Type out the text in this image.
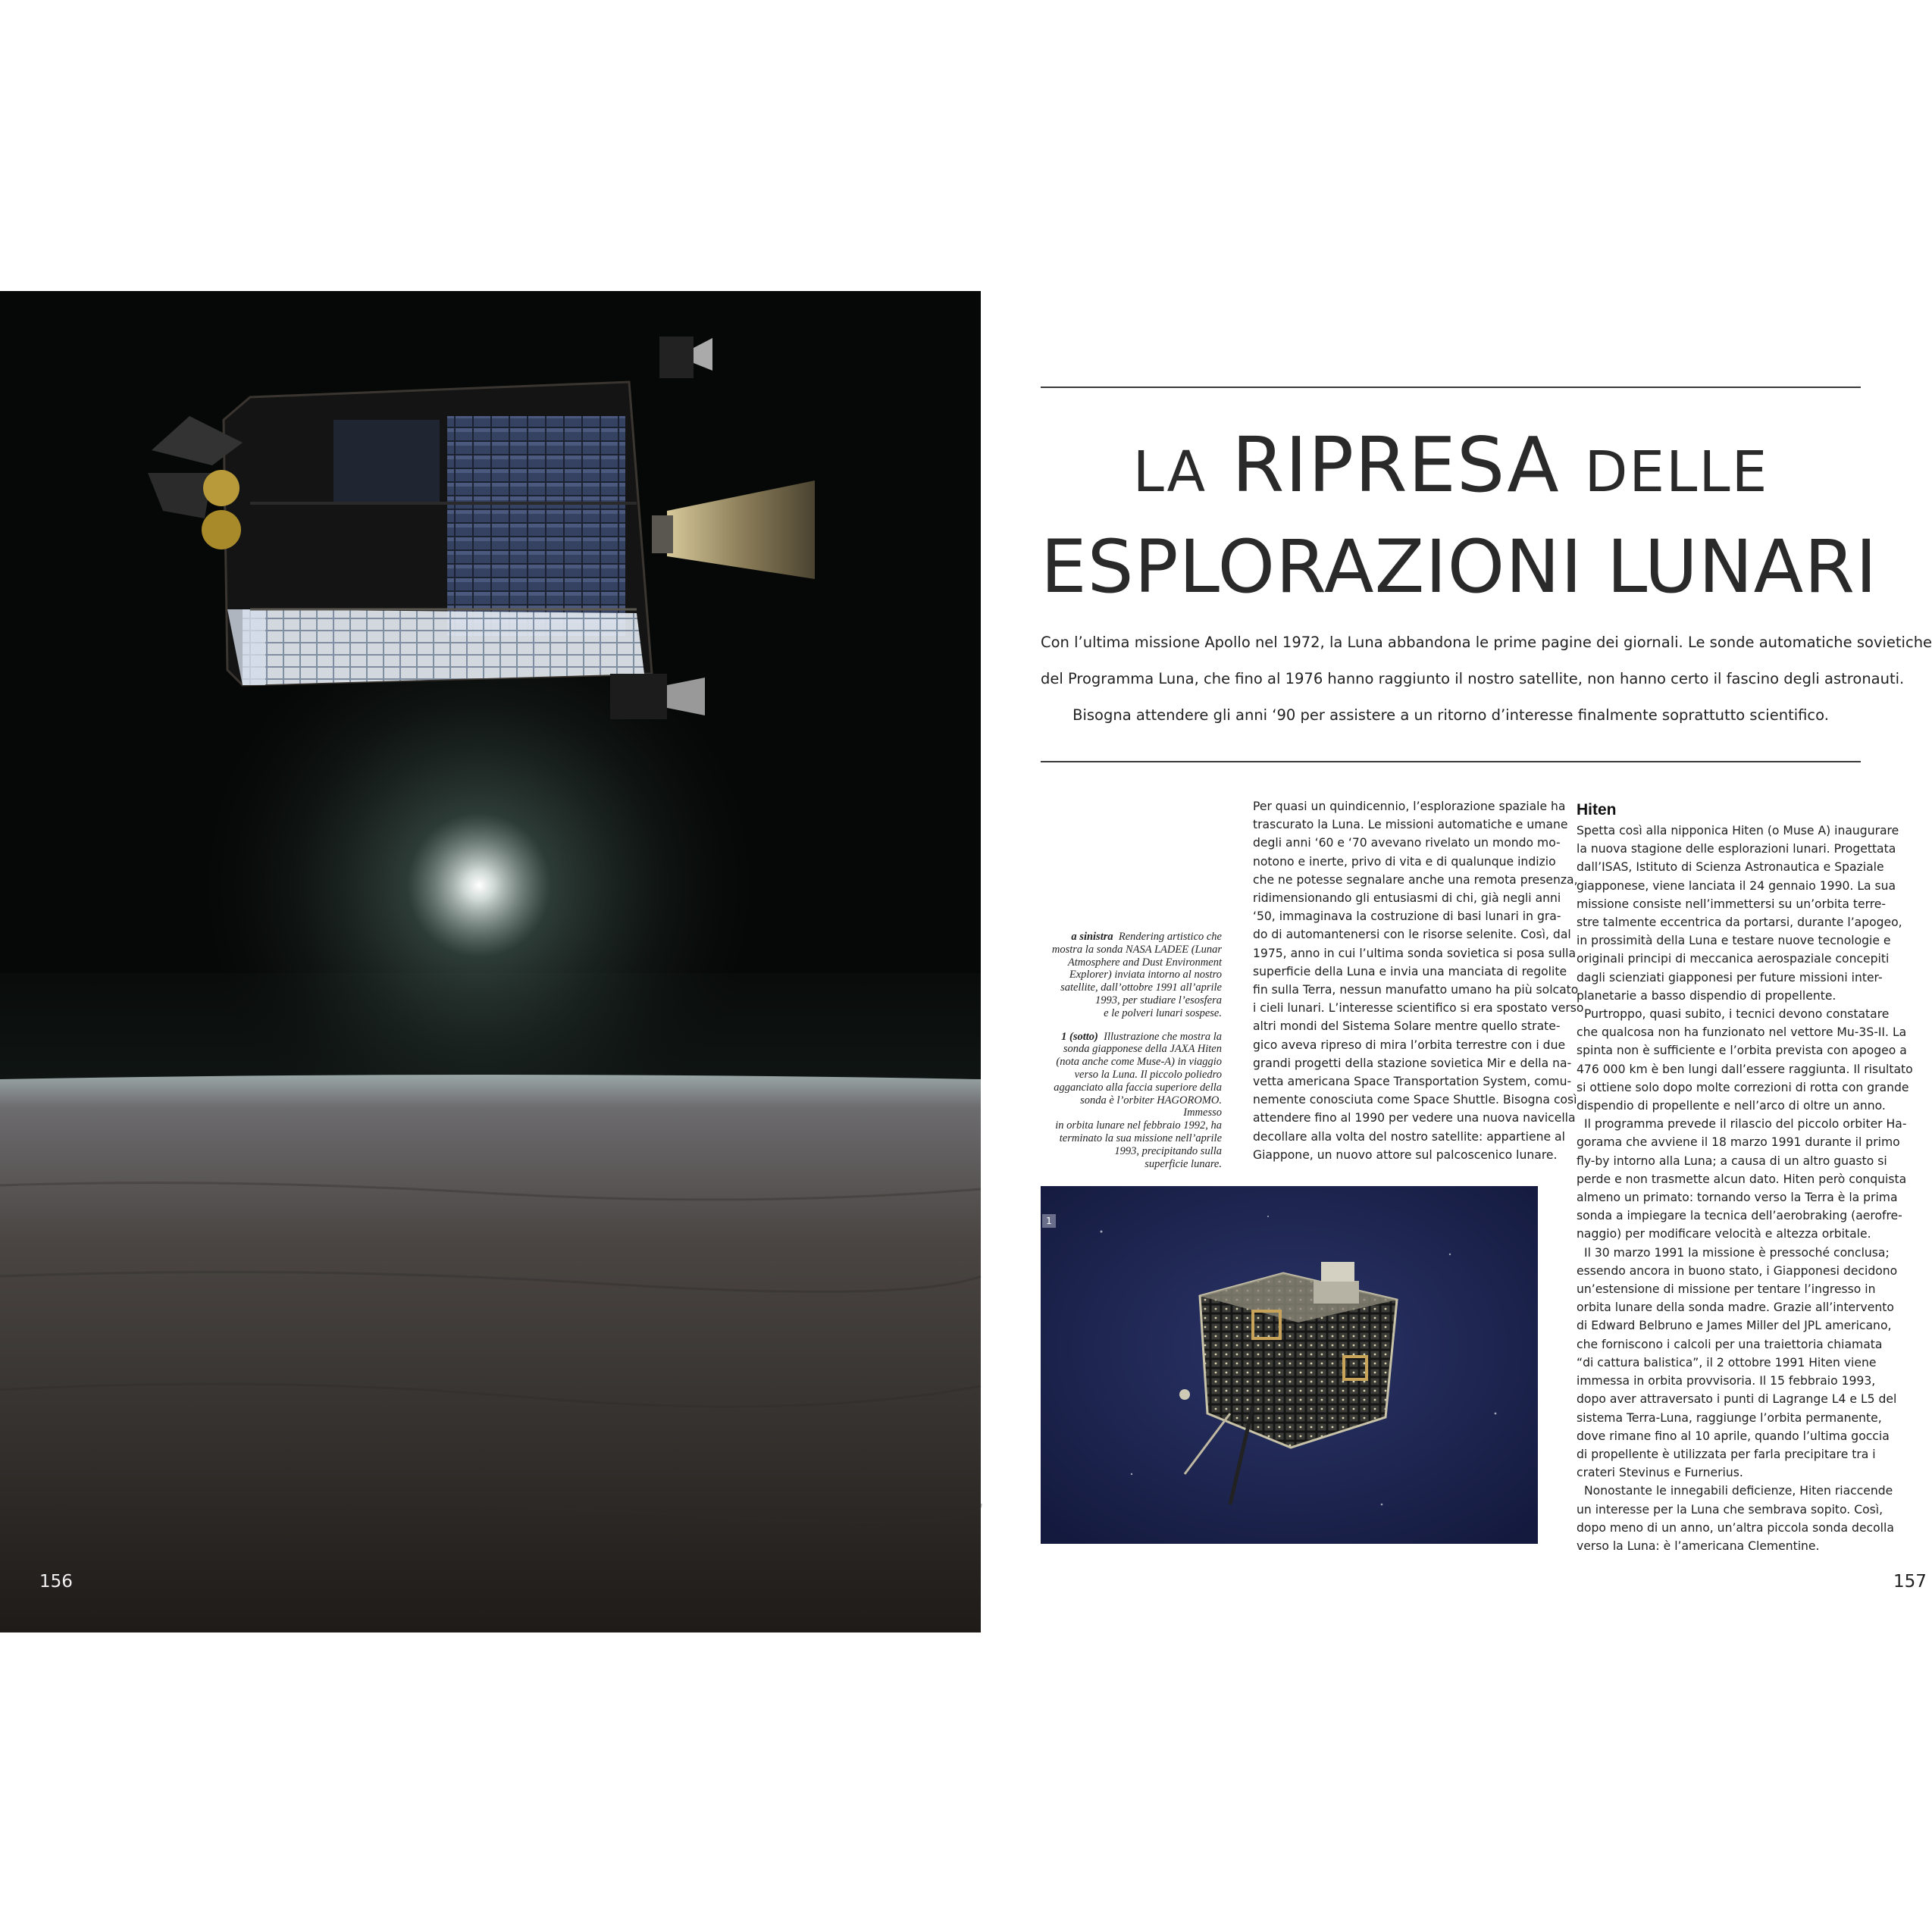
156
LA RIPRESA DELLE
ESPLORAZIONI LUNARI

Con l’ultima missione Apollo nel 1972, la Luna abbandona le prime pagine dei giornali. Le sonde automatiche sovietiche
del Programma Luna, che fino al 1976 hanno raggiunto il nostro satellite, non hanno certo il fascino degli astronauti.
Bisogna attendere gli anni ‘90 per assistere a un ritorno d’interesse finalmente soprattutto scientifico.

a sinistra Rendering artistico che
mostra la sonda NASA LADEE (Lunar
Atmosphere and Dust Environment
Explorer) inviata intorno al nostro
satellite, dall’ottobre 1991 all’aprile
1993, per studiare l’esosfera
e le polveri lunari sospese.

1 (sotto) Illustrazione che mostra la
sonda giapponese della JAXA Hiten
(nota anche come Muse-A) in viaggio
verso la Luna. Il piccolo poliedro
agganciato alla faccia superiore della
sonda è l’orbiter HAGOROMO. Immesso
in orbita lunare nel febbraio 1992, ha
terminato la sua missione nell’aprile
1993, precipitando sulla
superficie lunare.

Per quasi un quindicennio, l’esplorazione spaziale ha
trascurato la Luna. Le missioni automatiche e umane
degli anni ‘60 e ‘70 avevano rivelato un mondo mo-
notono e inerte, privo di vita e di qualunque indizio
che ne potesse segnalare anche una remota presenza,
ridimensionando gli entusiasmi di chi, già negli anni
‘50, immaginava la costruzione di basi lunari in gra-
do di automantenersi con le risorse selenite. Così, dal
1975, anno in cui l’ultima sonda sovietica si posa sulla
superficie della Luna e invia una manciata di regolite
fin sulla Terra, nessun manufatto umano ha più solcato
i cieli lunari. L’interesse scientifico si era spostato verso
altri mondi del Sistema Solare mentre quello strate-
gico aveva ripreso di mira l’orbita terrestre con i due
grandi progetti della stazione sovietica Mir e della na-
vetta americana Space Transportation System, comu-
nemente conosciuta come Space Shuttle. Bisogna così
attendere fino al 1990 per vedere una nuova navicella
decollare alla volta del nostro satellite: appartiene al
Giappone, un nuovo attore sul palcoscenico lunare.
Hiten
Spetta così alla nipponica Hiten (o Muse A) inaugurare
la nuova stagione delle esplorazioni lunari. Progettata
dall’ISAS, Istituto di Scienza Astronautica e Spaziale
giapponese, viene lanciata il 24 gennaio 1990. La sua
missione consiste nell’immettersi su un’orbita terre-
stre talmente eccentrica da portarsi, durante l’apogeo,
in prossimità della Luna e testare nuove tecnologie e
originali principi di meccanica aerospaziale concepiti
dagli scienziati giapponesi per future missioni inter-
planetarie a basso dispendio di propellente.
Purtroppo, quasi subito, i tecnici devono constatare
che qualcosa non ha funzionato nel vettore Mu-3S-II. La
spinta non è sufficiente e l’orbita prevista con apogeo a
476 000 km è ben lungi dall’essere raggiunta. Il risultato
si ottiene solo dopo molte correzioni di rotta con grande
dispendio di propellente e nell’arco di oltre un anno.
Il programma prevede il rilascio del piccolo orbiter Ha-
gorama che avviene il 18 marzo 1991 durante il primo
fly-by intorno alla Luna; a causa di un altro guasto si
perde e non trasmette alcun dato. Hiten però conquista
almeno un primato: tornando verso la Terra è la prima
sonda a impiegare la tecnica dell’aerobraking (aerofre-
naggio) per modificare velocità e altezza orbitale.
Il 30 marzo 1991 la missione è pressoché conclusa;
essendo ancora in buono stato, i Giapponesi decidono
un’estensione di missione per tentare l’ingresso in
orbita lunare della sonda madre. Grazie all’intervento
di Edward Belbruno e James Miller del JPL americano,
che forniscono i calcoli per una traiettoria chiamata
“di cattura balistica”, il 2 ottobre 1991 Hiten viene
immessa in orbita provvisoria. Il 15 febbraio 1993,
dopo aver attraversato i punti di Lagrange L4 e L5 del
sistema Terra-Luna, raggiunge l’orbita permanente,
dove rimane fino al 10 aprile, quando l’ultima goccia
di propellente è utilizzata per farla precipitare tra i
crateri Stevinus e Furnerius.
Nonostante le innegabili deficienze, Hiten riaccende
un interesse per la Luna che sembrava sopito. Così,
dopo meno di un anno, un’altra piccola sonda decolla
verso la Luna: è l’americana Clementine.
1
157
